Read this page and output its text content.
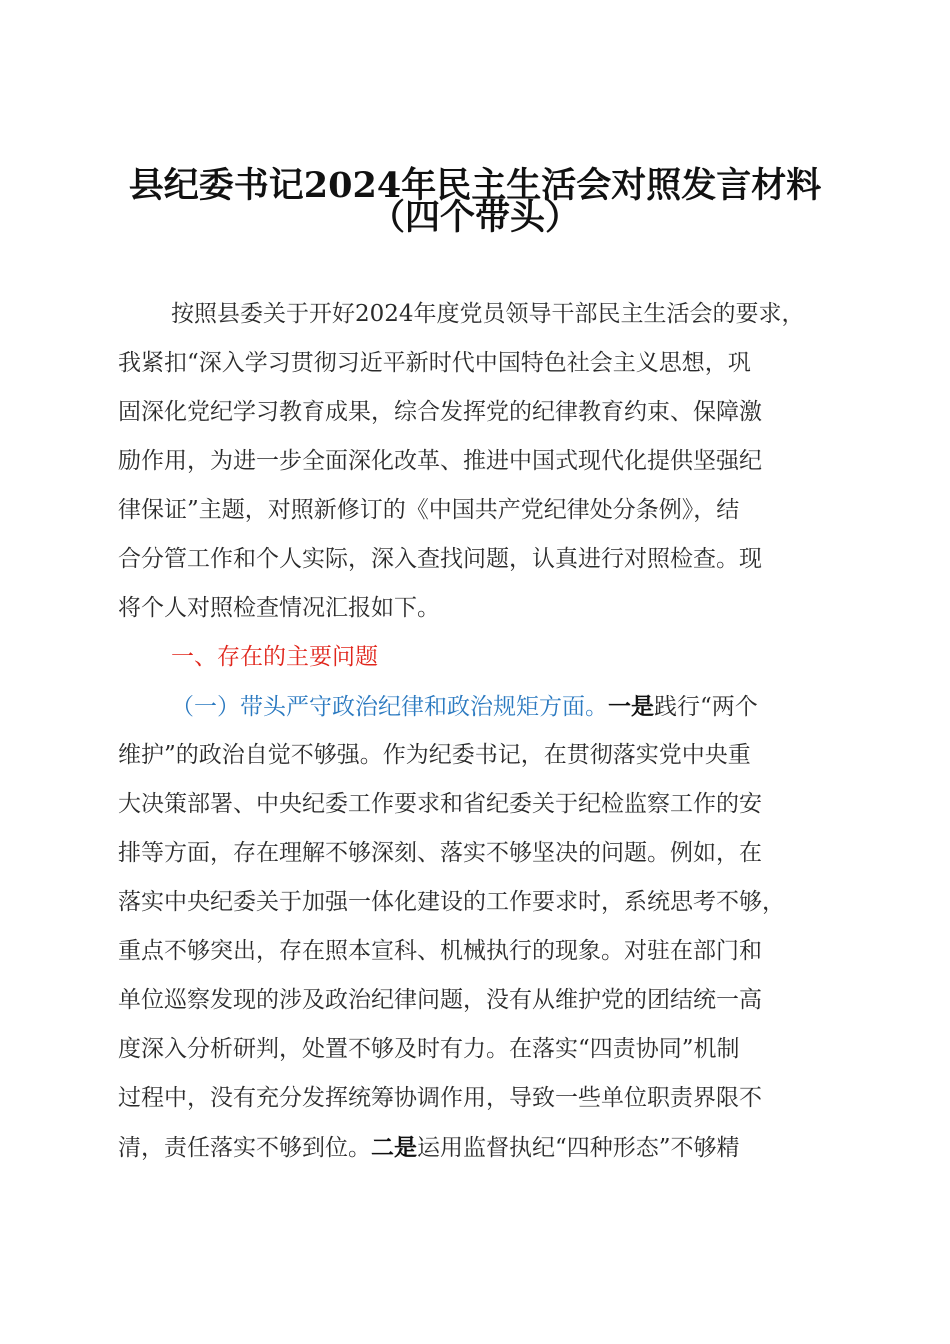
县纪委书记2024年民主生活会对照发言材料
（四个带头）
按照县委关于开好2024年度党员领导干部民主生活会的要求，
我紧扣“深入学习贯彻习近平新时代中国特色社会主义思想，巩
固深化党纪学习教育成果，综合发挥党的纪律教育约束、保障激
励作用，为进一步全面深化改革、推进中国式现代化提供坚强纪
律保证”主题，对照新修订的《中国共产党纪律处分条例》，结
合分管工作和个人实际，深入查找问题，认真进行对照检查。现
将个人对照检查情况汇报如下。
一、存在的主要问题
（一）带头严守政治纪律和政治规矩方面。一是践行“两个
维护”的政治自觉不够强。作为纪委书记，在贯彻落实党中央重
大决策部署、中央纪委工作要求和省纪委关于纪检监察工作的安
排等方面，存在理解不够深刻、落实不够坚决的问题。例如，在
落实中央纪委关于加强一体化建设的工作要求时，系统思考不够，
重点不够突出，存在照本宣科、机械执行的现象。对驻在部门和
单位巡察发现的涉及政治纪律问题，没有从维护党的团结统一高
度深入分析研判，处置不够及时有力。在落实“四责协同”机制
过程中，没有充分发挥统筹协调作用，导致一些单位职责界限不
清，责任落实不够到位。二是运用监督执纪“四种形态”不够精
